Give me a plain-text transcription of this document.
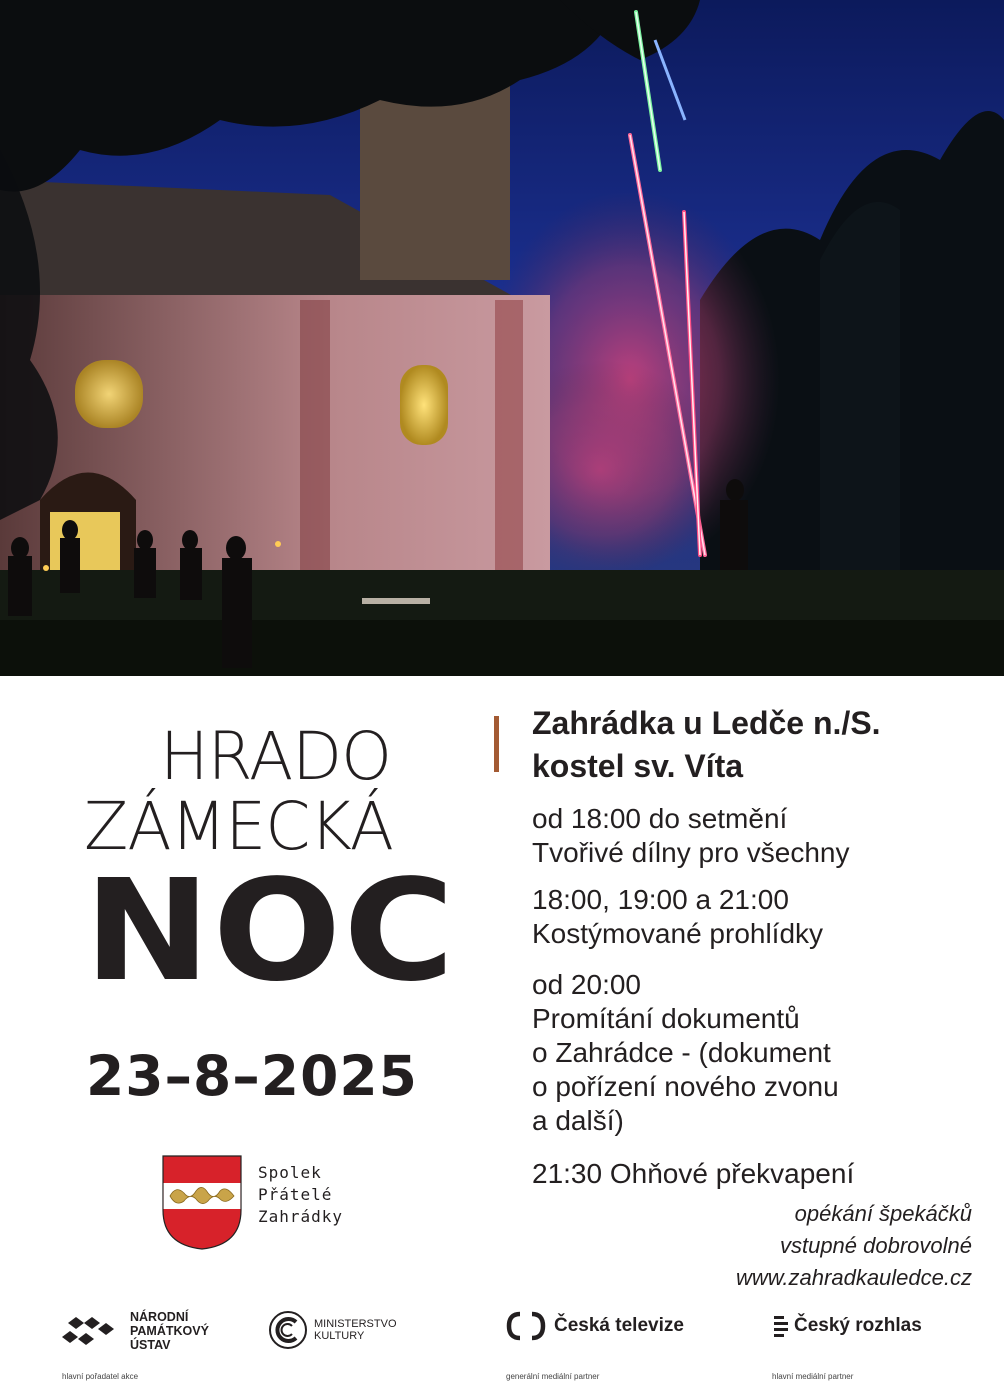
HRADO
ZÁMECKÁ
NOC
23–8–2025
Spolek
Přátelé
Zahrádky
Zahrádka u Ledče n./S.
kostel sv. Víta
od 18:00 do setmění
Tvořivé dílny pro všechny
18:00, 19:00 a 21:00
Kostýmované prohlídky
od 20:00
Promítání dokumentů
o Zahrádce - (dokument
o pořízení nového zvonu
a další)
21:30 Ohňové překvapení
opékání špekáčků
vstupné dobrovolné
www.zahradkauledce.cz
NÁRODNÍ
PAMÁTKOVÝ
ÚSTAV
hlavní pořadatel akce
MINISTERSTVO
KULTURY	Česká televize
generální mediální partner
Český rozhlas
hlavní mediální partner
